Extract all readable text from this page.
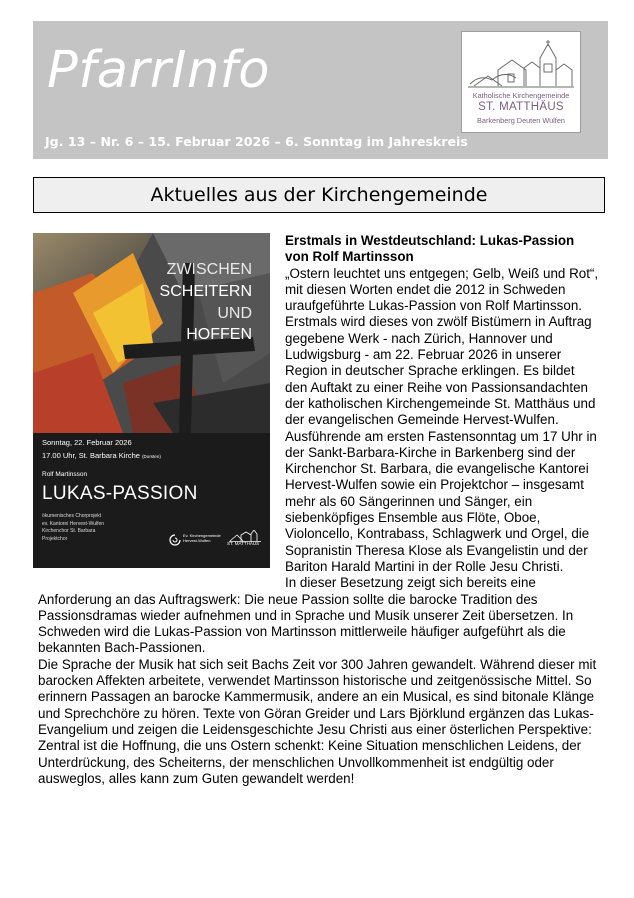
PfarrInfo
Jg. 13 – Nr. 6 – 15. Februar 2026 – 6. Sonntag im Jahreskreis
Katholische Kirchengemeinde
ST. MATTHÄUS
Barkenberg Deuten Wulfen
Aktuelles aus der Kirchengemeinde
ZWISCHEN
SCHEITERN
UND
HOFFEN
Sonntag, 22. Februar 2026
17.00 Uhr, St. Barbara Kirche (Dorsten)
Rolf Martinsson
LUKAS-PASSION
ökumenisches Chorprojekt
ev. Kantorei Hervest-Wulfen
Kirchenchor St. Barbara
Projektchor	Ev. Kirchengemeinde
Hervest-Wulfen
ST. MATTHÄUS

Erstmals in Westdeutschland: Lukas-Passion von Rolf Martinsson

„Ostern leuchtet uns entgegen; Gelb, Weiß und Rot“, mit diesen Worten endet die 2012 in Schweden uraufgeführte Lukas-Passion von Rolf Martinsson. Erstmals wird dieses von zwölf Bistümern in Auftrag gegebene Werk - nach Zürich, Hannover und Ludwigsburg - am 22. Februar 2026 in unserer Region in deutscher Sprache erklingen. Es bildet den Auftakt zu einer Reihe von Passionsandachten der katholischen Kirchengemeinde St. Matthäus und der evangelischen Gemeinde Hervest-Wulfen. Ausführende am ersten Fastensonntag um 17 Uhr in der Sankt-Barbara-Kirche in Barkenberg sind der Kirchenchor St. Barbara, die evangelische Kantorei Hervest-Wulfen sowie ein Projektchor – insgesamt mehr als 60 Sängerinnen und Sänger, ein siebenköpfiges Ensemble aus Flöte, Oboe, Violoncello, Kontrabass, Schlagwerk und Orgel, die Sopranistin Theresa Klose als Evangelistin und der Bariton Harald Martini in der Rolle Jesu Christi.

In dieser Besetzung zeigt sich bereits eine Anforderung an das Auftragswerk: Die neue Passion sollte die barocke Tradition des Passionsdramas wieder aufnehmen und in Sprache und Musik unserer Zeit übersetzen. In Schweden wird die Lukas-Passion von Martinsson mittlerweile häufiger aufgeführt als die bekannten Bach-Passionen.

Die Sprache der Musik hat sich seit Bachs Zeit vor 300 Jahren gewandelt. Während dieser mit barocken Affekten arbeitete, verwendet Martinsson historische und zeitgenössische Mittel. So erinnern Passagen an barocke Kammermusik, andere an ein Musical, es sind bitonale Klänge und Sprechchöre zu hören. Texte von Göran Greider und Lars Björklund ergänzen das Lukas-Evangelium und zeigen die Leidensgeschichte Jesu Christi aus einer österlichen Perspektive: Zentral ist die Hoffnung, die uns Ostern schenkt: Keine Situation menschlichen Leidens, der Unterdrückung, des Scheiterns, der menschlichen Unvollkommenheit ist endgültig oder ausweglos, alles kann zum Guten gewandelt werden!
